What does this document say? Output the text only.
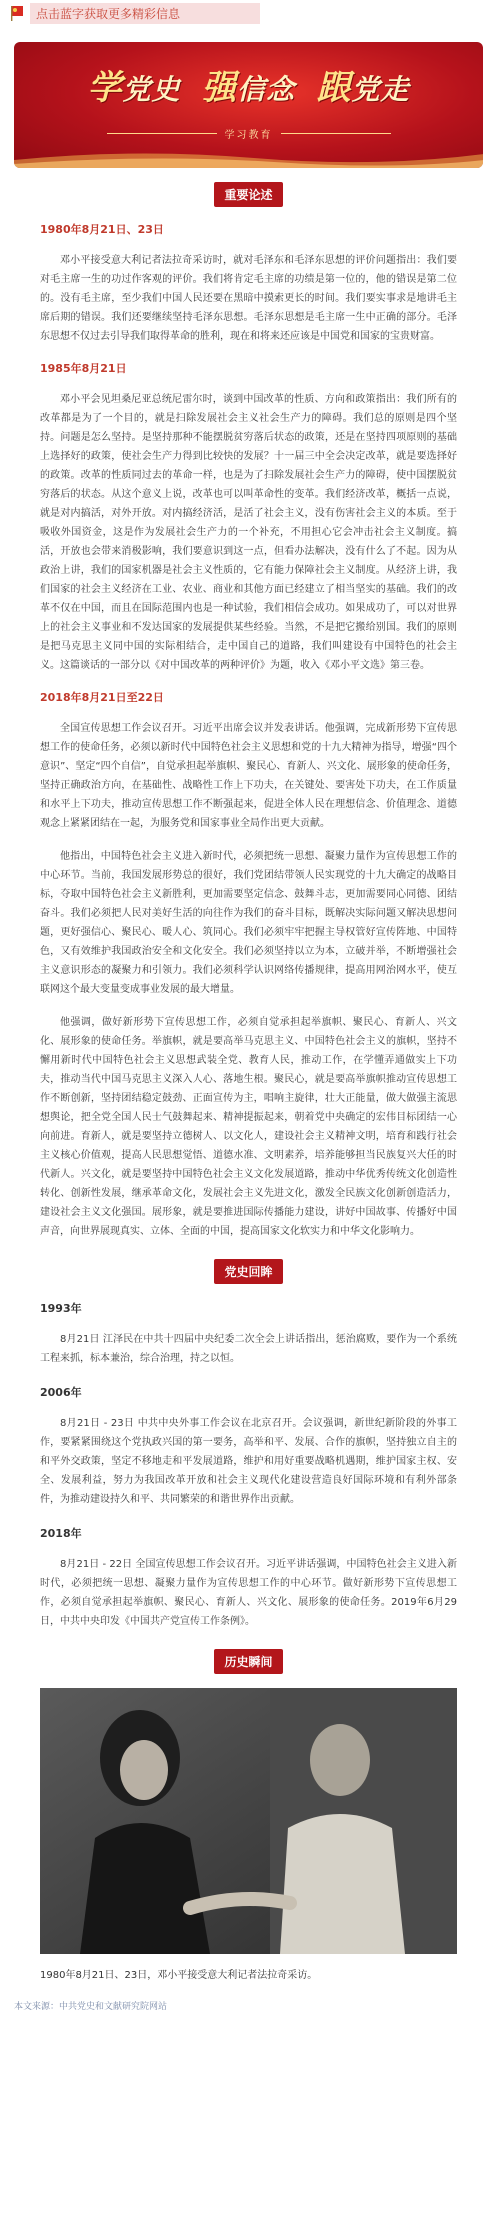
点击蓝字获取更多精彩信息
学党史 强信念 跟党走
学习教育
重要论述
1980年8月21日、23日

邓小平接受意大利记者法拉奇采访时，就对毛泽东和毛泽东思想的评价问题指出：我们要对毛主席一生的功过作客观的评价。我们将肯定毛主席的功绩是第一位的，他的错误是第二位的。没有毛主席，至少我们中国人民还要在黑暗中摸索更长的时间。我们要实事求是地讲毛主席后期的错误。我们还要继续坚持毛泽东思想。毛泽东思想是毛主席一生中正确的部分。毛泽东思想不仅过去引导我们取得革命的胜利，现在和将来还应该是中国党和国家的宝贵财富。

1985年8月21日

邓小平会见坦桑尼亚总统尼雷尔时，谈到中国改革的性质、方向和政策指出：我们所有的改革都是为了一个目的，就是扫除发展社会主义社会生产力的障碍。我们总的原则是四个坚持。问题是怎么坚持。是坚持那种不能摆脱贫穷落后状态的政策，还是在坚持四项原则的基础上选择好的政策，使社会生产力得到比较快的发展？十一届三中全会决定改革，就是要选择好的政策。改革的性质同过去的革命一样，也是为了扫除发展社会生产力的障碍，使中国摆脱贫穷落后的状态。从这个意义上说，改革也可以叫革命性的变革。我们经济改革，概括一点说，就是对内搞活，对外开放。对内搞经济活，是活了社会主义，没有伤害社会主义的本质。至于吸收外国资金，这是作为发展社会生产力的一个补充，不用担心它会冲击社会主义制度。搞活，开放也会带来消极影响，我们要意识到这一点，但看办法解决，没有什么了不起。因为从政治上讲，我们的国家机器是社会主义性质的，它有能力保障社会主义制度。从经济上讲，我们国家的社会主义经济在工业、农业、商业和其他方面已经建立了相当坚实的基础。我们的改革不仅在中国，而且在国际范围内也是一种试验，我们相信会成功。如果成功了，可以对世界上的社会主义事业和不发达国家的发展提供某些经验。当然，不是把它搬给别国。我们的原则是把马克思主义同中国的实际相结合，走中国自己的道路，我们叫建设有中国特色的社会主义。这篇谈话的一部分以《对中国改革的两种评价》为题，收入《邓小平文选》第三卷。

2018年8月21日至22日

全国宣传思想工作会议召开。习近平出席会议并发表讲话。他强调，完成新形势下宣传思想工作的使命任务，必须以新时代中国特色社会主义思想和党的十九大精神为指导，增强“四个意识”、坚定“四个自信”，自觉承担起举旗帜、聚民心、育新人、兴文化、展形象的使命任务，坚持正确政治方向，在基础性、战略性工作上下功夫，在关键处、要害处下功夫，在工作质量和水平上下功夫，推动宣传思想工作不断强起来，促进全体人民在理想信念、价值理念、道德观念上紧紧团结在一起，为服务党和国家事业全局作出更大贡献。

他指出，中国特色社会主义进入新时代，必须把统一思想、凝聚力量作为宣传思想工作的中心环节。当前，我国发展形势总的很好，我们党团结带领人民实现党的十九大确定的战略目标，夺取中国特色社会主义新胜利，更加需要坚定信念、鼓舞斗志，更加需要同心同德、团结奋斗。我们必须把人民对美好生活的向往作为我们的奋斗目标，既解决实际问题又解决思想问题，更好强信心、聚民心、暖人心、筑同心。我们必须牢牢把握主导权管好宣传阵地、中国特色，又有效维护我国政治安全和文化安全。我们必须坚持以立为本，立破并举，不断增强社会主义意识形态的凝聚力和引领力。我们必须科学认识网络传播规律，提高用网治网水平，使互联网这个最大变量变成事业发展的最大增量。

他强调，做好新形势下宣传思想工作，必须自觉承担起举旗帜、聚民心、育新人、兴文化、展形象的使命任务。举旗帜，就是要高举马克思主义、中国特色社会主义的旗帜，坚持不懈用新时代中国特色社会主义思想武装全党、教育人民，推动工作，在学懂弄通做实上下功夫，推动当代中国马克思主义深入人心、落地生根。聚民心，就是要高举旗帜推动宣传思想工作不断创新，坚持团结稳定鼓劲、正面宣传为主，唱响主旋律，壮大正能量，做大做强主流思想舆论，把全党全国人民士气鼓舞起来、精神提振起来，朝着党中央确定的宏伟目标团结一心向前进。育新人，就是要坚持立德树人、以文化人，建设社会主义精神文明，培育和践行社会主义核心价值观，提高人民思想觉悟、道德水准、文明素养，培养能够担当民族复兴大任的时代新人。兴文化，就是要坚持中国特色社会主义文化发展道路，推动中华优秀传统文化创造性转化、创新性发展，继承革命文化，发展社会主义先进文化，激发全民族文化创新创造活力，建设社会主义文化强国。展形象，就是要推进国际传播能力建设，讲好中国故事、传播好中国声音，向世界展现真实、立体、全面的中国，提高国家文化软实力和中华文化影响力。

党史回眸
1993年

8月21日 江泽民在中共十四届中央纪委二次全会上讲话指出，惩治腐败，要作为一个系统工程来抓，标本兼治，综合治理，持之以恒。

2006年

8月21日 - 23日 中共中央外事工作会议在北京召开。会议强调，新世纪新阶段的外事工作，要紧紧围绕这个党执政兴国的第一要务，高举和平、发展、合作的旗帜，坚持独立自主的和平外交政策，坚定不移地走和平发展道路，维护和用好重要战略机遇期，维护国家主权、安全、发展利益，努力为我国改革开放和社会主义现代化建设营造良好国际环境和有利外部条件，为推动建设持久和平、共同繁荣的和谐世界作出贡献。

2018年

8月21日 - 22日 全国宣传思想工作会议召开。习近平讲话强调，中国特色社会主义进入新时代，必须把统一思想、凝聚力量作为宣传思想工作的中心环节。做好新形势下宣传思想工作，必须自觉承担起举旗帜、聚民心、育新人、兴文化、展形象的使命任务。2019年6月29日，中共中央印发《中国共产党宣传工作条例》。

历史瞬间

1980年8月21日、23日，邓小平接受意大利记者法拉奇采访。

本文来源：中共党史和文献研究院网站
